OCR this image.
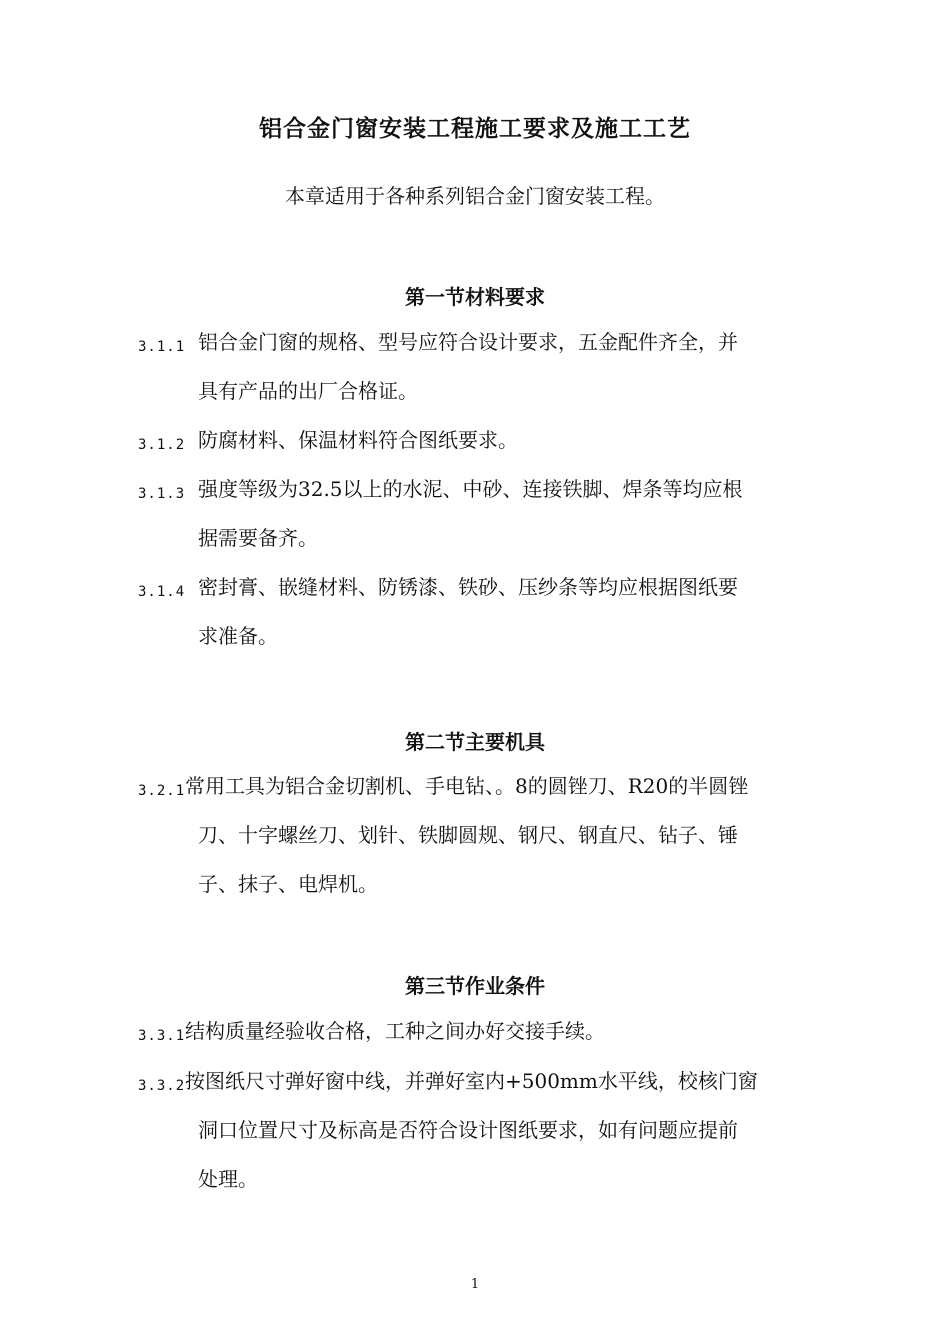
铝合金门窗安装工程施工要求及施工工艺
本章适用于各种系列铝合金门窗安装工程。
第一节材料要求
3.1.1 铝合金门窗的规格、型号应符合设计要求，五金配件齐全，并
具有产品的出厂合格证。
3.1.2 防腐材料、保温材料符合图纸要求。
3.1.3 强度等级为32.5以上的水泥、中砂、连接铁脚、焊条等均应根
据需要备齐。
3.1.4 密封膏、嵌缝材料、防锈漆、铁砂、压纱条等均应根据图纸要
求准备。
第二节主要机具
3.2.1 常用工具为铝合金切割机、手电钻、。8的圆锉刀、R20的半圆锉
刀、十字螺丝刀、划针、铁脚圆规、钢尺、钢直尺、钻子、锤
子、抹子、电焊机。
第三节作业条件
3.3.1 结构质量经验收合格，工种之间办好交接手续。
3.3.2 按图纸尺寸弹好窗中线，并弹好室内+500mm水平线，校核门窗
洞口位置尺寸及标高是否符合设计图纸要求，如有问题应提前
处理。
1
